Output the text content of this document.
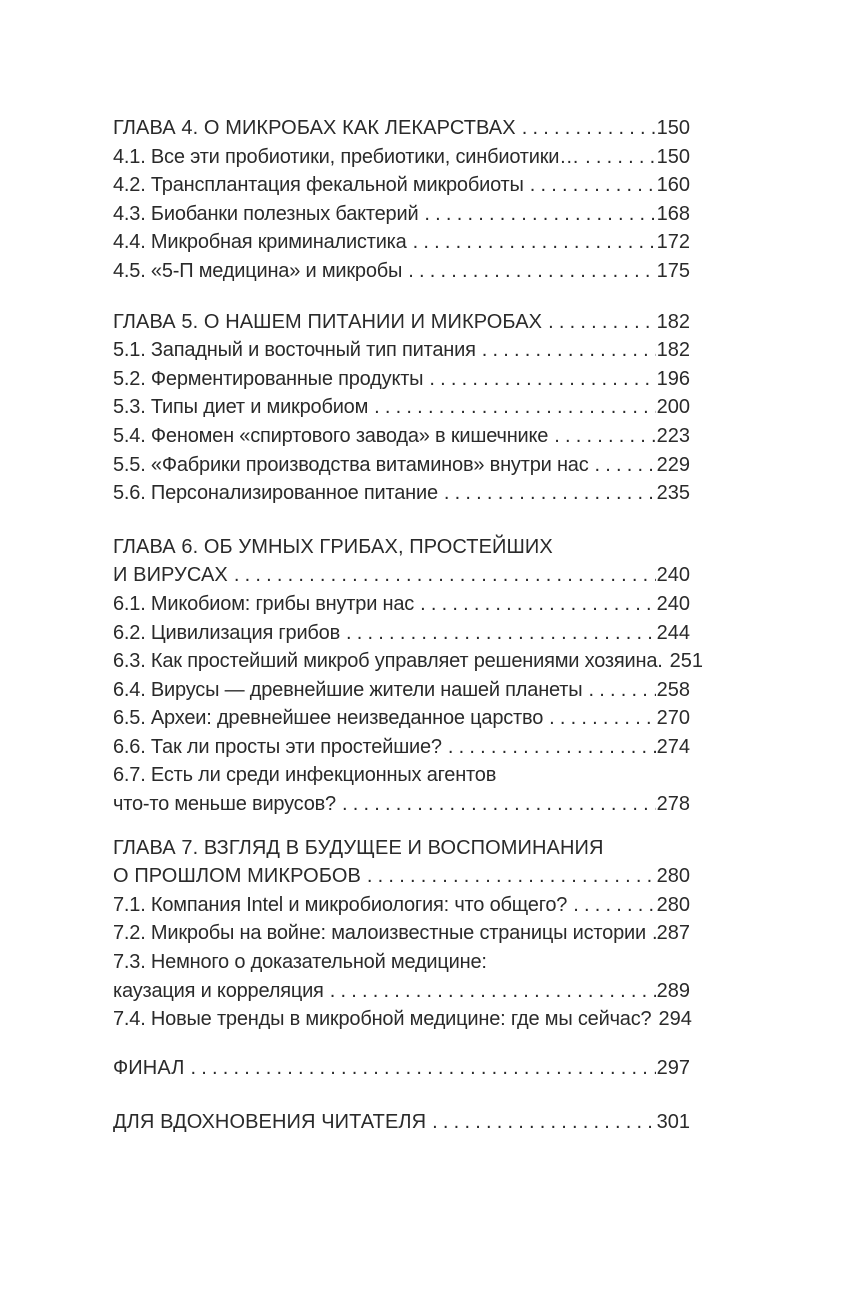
ГЛАВА 4. О МИКРОБАХ КАК ЛЕКАРСТВАХ .....	150
4.1. Все эти пробиотики, пребиотики, синбиотики… .....	150
4.2. Трансплантация фекальной микробиоты .....	160
4.3. Биобанки полезных бактерий .....	168
4.4. Микробная криминалистика .....	172
4.5. «5-П медицина» и микробы .....	175
ГЛАВА 5. О НАШЕМ ПИТАНИИ И МИКРОБАХ .....	182
5.1. Западный и восточный тип питания .....	182
5.2. Ферментированные продукты .....	196
5.3. Типы диет и микробиом .....	200
5.4. Феномен «спиртового завода» в кишечнике .....	223
5.5. «Фабрики производства витаминов» внутри нас .....	229
5.6. Персонализированное питание .....	235
ГЛАВА 6. ОБ УМНЫХ ГРИБАХ, ПРОСТЕЙШИХ
И ВИРУСАХ .....	240
6.1. Микобиом: грибы внутри нас .....	240
6.2. Цивилизация грибов .....	244
6.3. Как простейший микроб управляет решениями хозяина. 251
6.4. Вирусы — древнейшие жители нашей планеты .....	258
6.5. Археи: древнейшее неизведанное царство .....	270
6.6. Так ли просты эти простейшие? .....	274
6.7. Есть ли среди инфекционных агентов
что-то меньше вирусов? .....	278
ГЛАВА 7. ВЗГЛЯД В БУДУЩЕЕ И ВОСПОМИНАНИЯ
О ПРОШЛОМ МИКРОБОВ .....	280
7.1. Компания Intel и микробиология: что общего? .....	280
7.2. Микробы на войне: малоизвестные страницы истории ..... 287
7.3. Немного о доказательной медицине:
каузация и корреляция .....	289
7.4. Новые тренды в микробной медицине: где мы сейчас? 294
ФИНАЛ .....	297
ДЛЯ ВДОХНОВЕНИЯ ЧИТАТЕЛЯ .....	301
